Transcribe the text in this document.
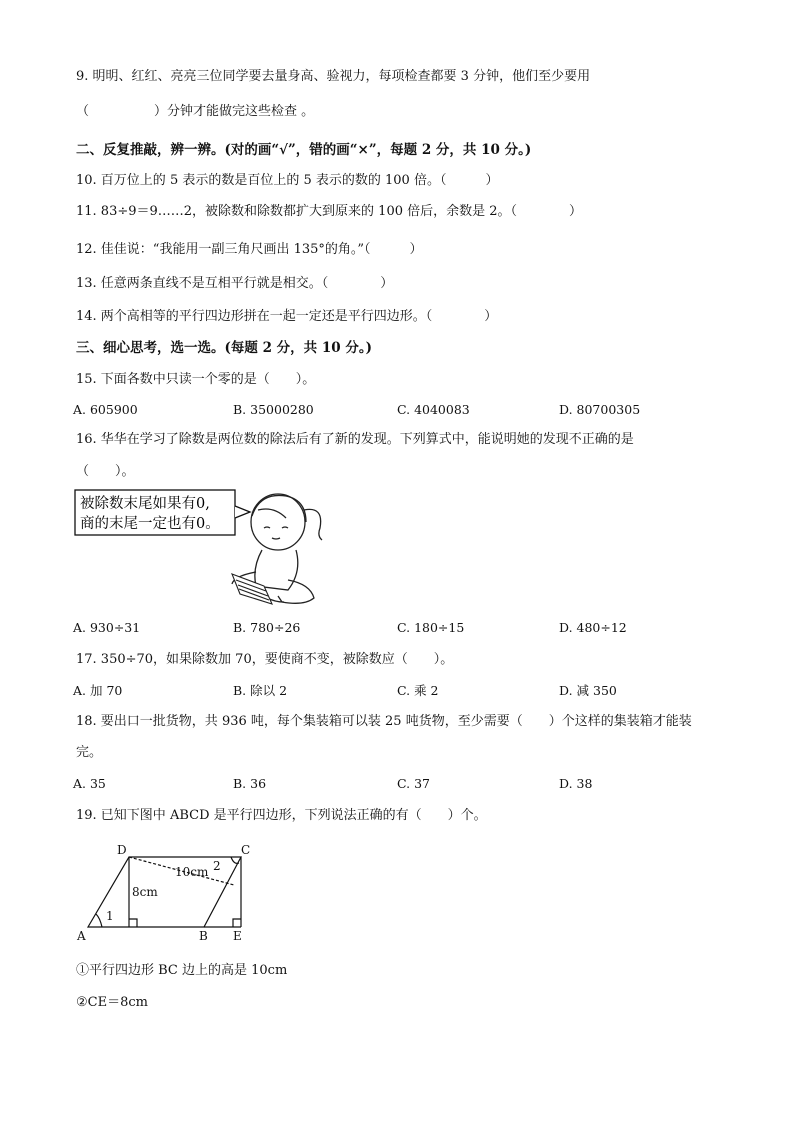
9. 明明、红红、亮亮三位同学要去量身高、验视力，每项检查都要 3 分钟，他们至少要用
（　　　　　）分钟才能做完这些检查 。
二、反复推敲，辨一辨。(对的画“√”，错的画“×”，每题 2 分，共 10 分。)
10. 百万位上的 5 表示的数是百位上的 5 表示的数的 100 倍。（　　　）
11. 83÷9＝9……2，被除数和除数都扩大到原来的 100 倍后，余数是 2。（　　　　）
12. 佳佳说：“我能用一副三角尺画出 135°的角。”（　　　）
13. 任意两条直线不是互相平行就是相交。（　　　　）
14. 两个高相等的平行四边形拼在一起一定还是平行四边形。（　　　　）
三、细心思考，选一选。(每题 2 分，共 10 分。)
15. 下面各数中只读一个零的是（　　）。
A. 605900	B. 35000280	C. 4040083	D. 80700305
16. 华华在学习了除数是两位数的除法后有了新的发现。下列算式中，能说明她的发现不正确的是
（　　）。
被除数末尾如果有0,
商的末尾一定也有0。
A. 930÷31	B. 780÷26	C. 180÷15	D. 480÷12
17. 350÷70，如果除数加 70，要使商不变，被除数应（　　）。
A. 加 70	B. 除以 2	C. 乘 2	D. 减 350
18. 要出口一批货物，共 936 吨，每个集装箱可以装 25 吨货物，至少需要（　　）个这样的集装箱才能装
完。
A. 35	B. 36	C. 37	D. 38
19. 已知下图中 ABCD 是平行四边形，下列说法正确的有（　　）个。
A	B
C
D
E
10cm
8cm
1
2
①平行四边形 BC 边上的高是 10cm
②CE＝8cm
